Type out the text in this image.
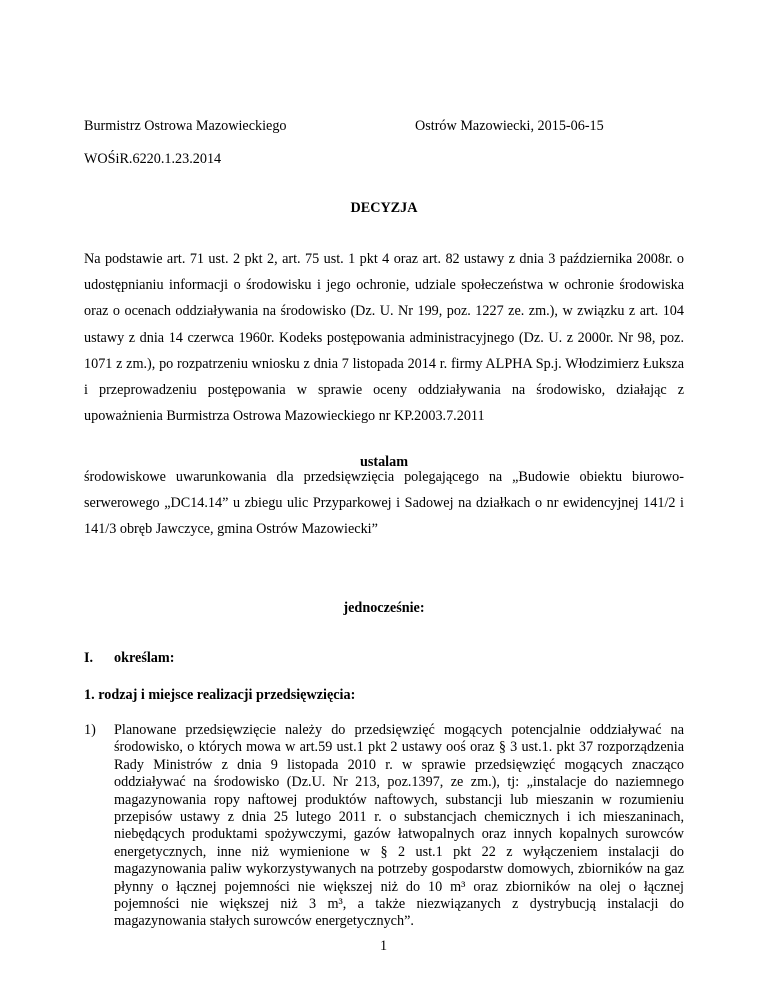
Burmistrz Ostrowa Mazowieckiego	Ostrów Mazowiecki, 2015-06-15
WOŚiR.6220.1.23.2014
DECYZJA
Na podstawie art. 71 ust. 2 pkt 2, art. 75 ust. 1 pkt 4 oraz art. 82 ustawy z dnia 3 października 2008r. o udostępnianiu informacji o środowisku i jego ochronie, udziale społeczeństwa w ochronie środowiska oraz o ocenach oddziaływania na środowisko (Dz. U. Nr 199, poz. 1227 ze. zm.), w związku z art. 104 ustawy z dnia 14 czerwca 1960r. Kodeks postępowania administracyjnego (Dz. U. z 2000r. Nr 98, poz. 1071 z zm.), po rozpatrzeniu wniosku z dnia 7 listopada 2014 r. firmy ALPHA Sp.j. Włodzimierz Łuksza i przeprowadzeniu postępowania w sprawie oceny oddziaływania na środowisko, działając z upoważnienia Burmistrza Ostrowa Mazowieckiego nr KP.2003.7.2011
ustalam
środowiskowe uwarunkowania dla przedsięwzięcia polegającego na „Budowie obiektu biurowo-serwerowego „DC14.14” u zbiegu ulic Przyparkowej i Sadowej na działkach o nr ewidencyjnej 141/2 i 141/3 obręb Jawczyce, gmina Ostrów Mazowiecki”
jednocześnie:
I. określam:
1. rodzaj i miejsce realizacji przedsięwzięcia:
1) Planowane przedsięwzięcie należy do przedsięwzięć mogących potencjalnie oddziaływać na środowisko, o których mowa w art.59 ust.1 pkt 2 ustawy ooś oraz § 3 ust.1. pkt 37 rozporządzenia Rady Ministrów z dnia 9 listopada 2010 r. w sprawie przedsięwzięć mogących znacząco oddziaływać na środowisko (Dz.U. Nr 213, poz.1397, ze zm.), tj: „instalacje do naziemnego magazynowania ropy naftowej produktów naftowych, substancji lub mieszanin w rozumieniu przepisów ustawy z dnia 25 lutego 2011 r. o substancjach chemicznych i ich mieszaninach, niebędących produktami spożywczymi, gazów łatwopalnych oraz innych kopalnych surowców energetycznych, inne niż wymienione w § 2 ust.1 pkt 22 z wyłączeniem instalacji do magazynowania paliw wykorzystywanych na potrzeby gospodarstw domowych, zbiorników na gaz płynny o łącznej pojemności nie większej niż do 10 m³ oraz zbiorników na olej o łącznej pojemności nie większej niż 3 m³, a także niezwiązanych z dystrybucją instalacji do magazynowania stałych surowców energetycznych”.
1
